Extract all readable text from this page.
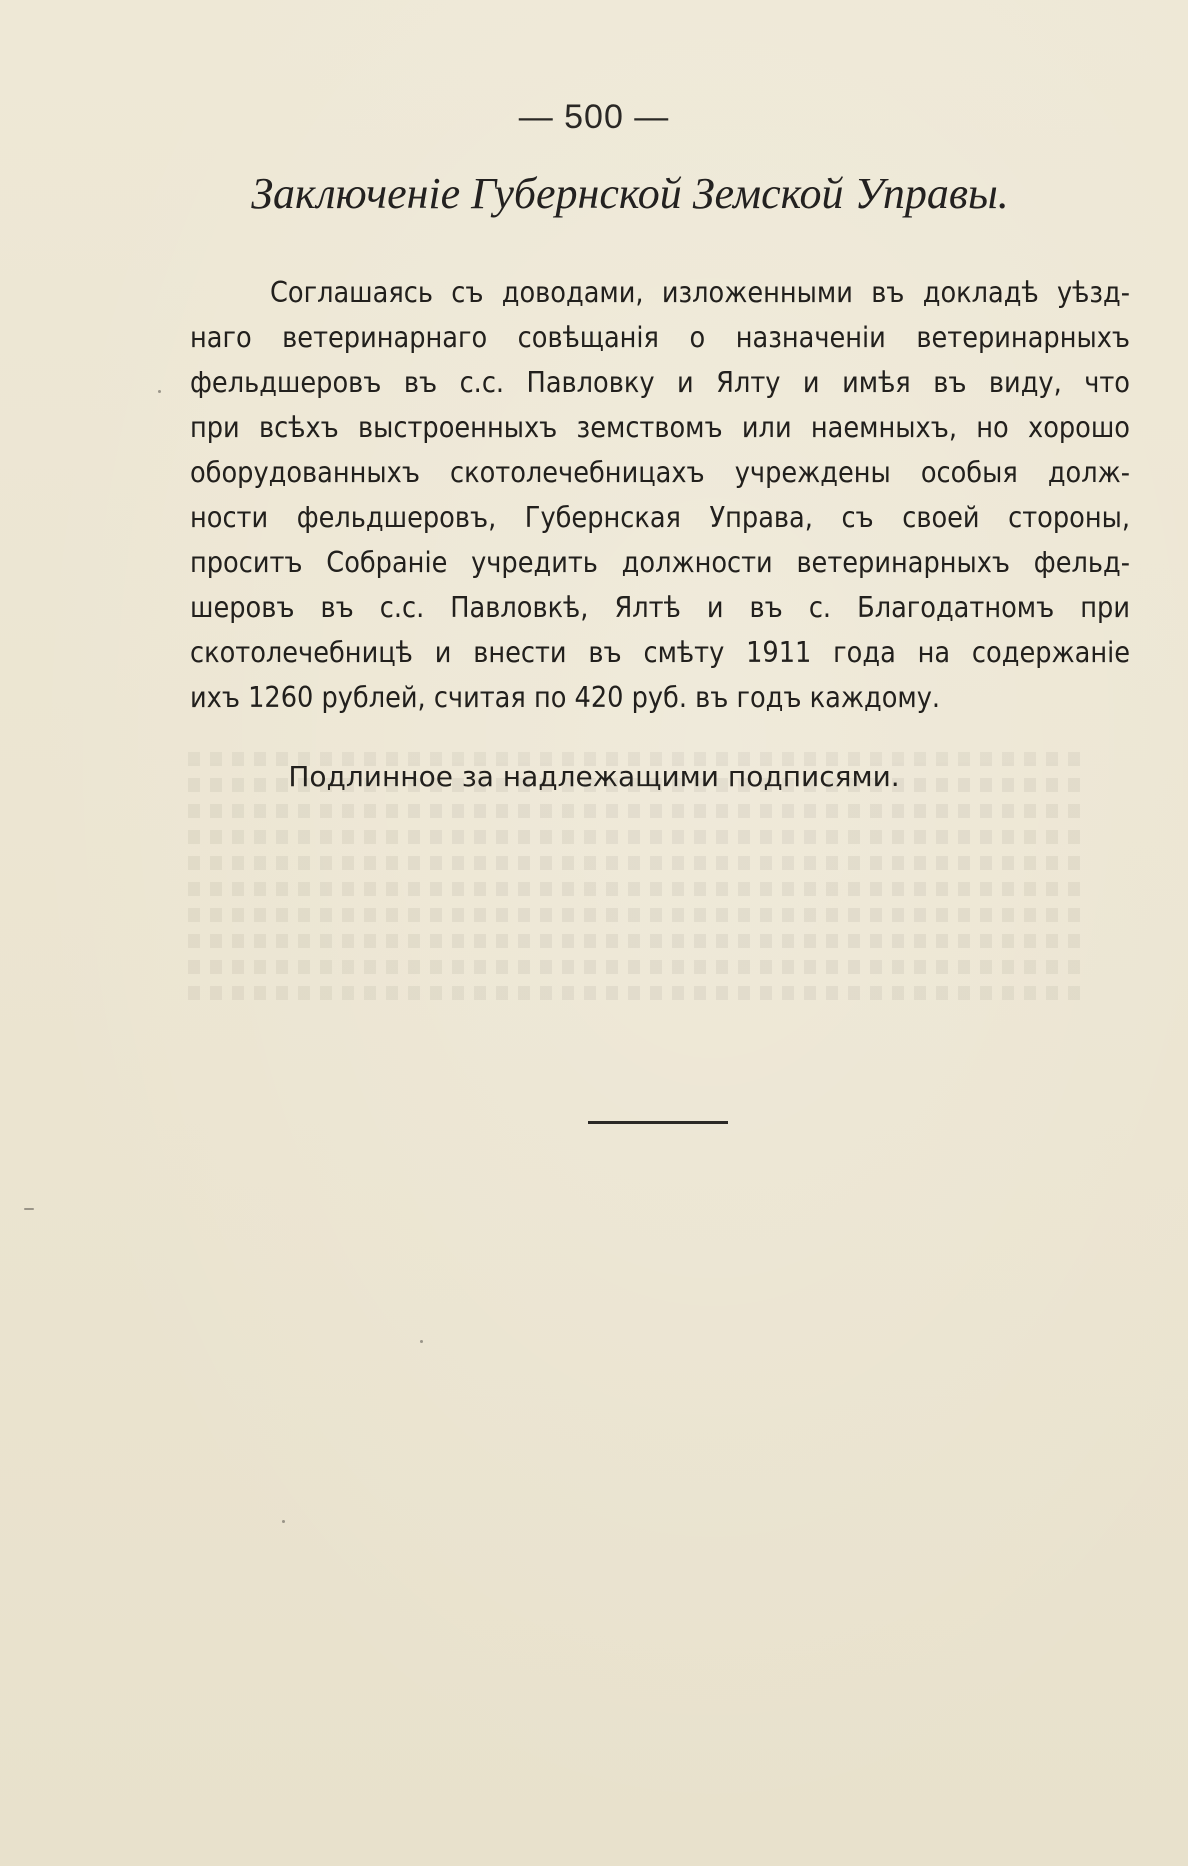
— 500 —
Заключеніе Губернской Земской Управы.
Соглашаясь съ доводами, изложенными въ докладѣ уѣзд-
наго ветеринарнаго совѣщанія о назначеніи ветеринарныхъ
фельдшеровъ въ с.с. Павловку и Ялту и имѣя въ виду, что
при всѣхъ выстроенныхъ земствомъ или наемныхъ, но хорошо
оборудованныхъ скотолечебницахъ учреждены особыя долж-
ности фельдшеровъ, Губернская Управа, съ своей стороны,
проситъ Собраніе учредить должности ветеринарныхъ фельд-
шеровъ въ с.с. Павловкѣ, Ялтѣ и въ с. Благодатномъ при
скотолечебницѣ и внести въ смѣту 1911 года на содержаніе
ихъ 1260 рублей, считая по 420 руб. въ годъ каждому.
Подлинное за надлежащими подписями.
